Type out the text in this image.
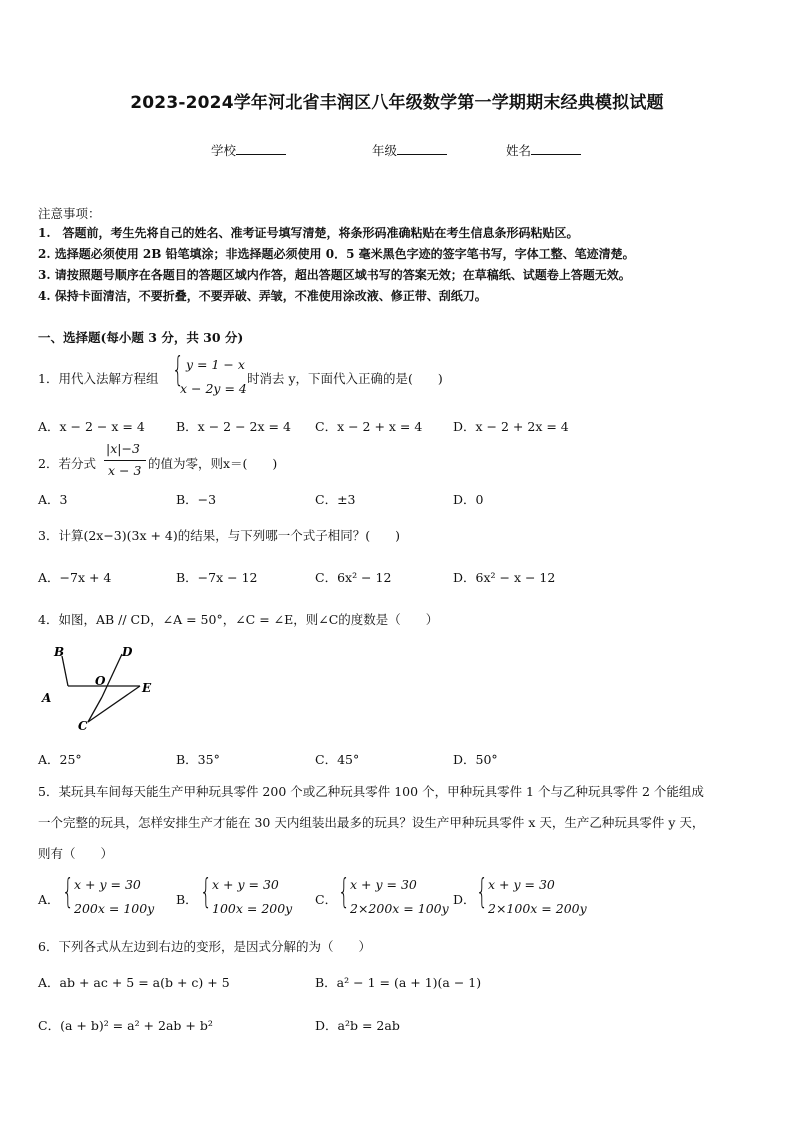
2023-2024学年河北省丰润区八年级数学第一学期期末经典模拟试题
学校	年级	姓名
注意事项：
1.　答题前，考生先将自己的姓名、准考证号填写清楚，将条形码准确粘贴在考生信息条形码粘贴区。
2. 选择题必须使用 2B 铅笔填涂；非选择题必须使用 0．5 毫米黑色字迹的签字笔书写，字体工整、笔迹清楚。
3. 请按照题号顺序在各题目的答题区域内作答，超出答题区域书写的答案无效；在草稿纸、试题卷上答题无效。
4. 保持卡面清洁，不要折叠，不要弄破、弄皱，不准使用涂改液、修正带、刮纸刀。
一、选择题(每小题 3 分，共 30 分)
1．用代入法解方程组 { y = 1 − x
x − 2y = 4
时消去 y，下面代入正确的是(　　)
A．x − 2 − x = 4 B．x − 2 − 2x = 4 C．x − 2 + x = 4 D．x − 2 + 2x = 4
2．若分式
|x|−3
x − 3 的值为零，则x＝(　　)
A．3	B．−3	C．±3	D．0
3．计算(2x−3)(3x + 4)的结果，与下列哪一个式子相同？(　　)
A．−7x + 4	B．−7x − 12	C．6x² − 12	D．6x² − x − 12
4．如图，AB // CD，∠A = 50°，∠C = ∠E，则∠C的度数是（　　）
B	D
O	E
A
C
A．25°	B．35°	C．45°	D．50°
5．某玩具车间每天能生产甲种玩具零件 200 个或乙种玩具零件 100 个，甲种玩具零件 1 个与乙种玩具零件 2 个能组成
一个完整的玩具，怎样安排生产才能在 30 天内组装出最多的玩具？设生产甲种玩具零件 x 天，生产乙种玩具零件 y 天，
则有（　　）
A． { x + y = 30
200x = 100y
B． { x + y = 30
100x = 200y
C． { x + y = 30
2×200x = 100y
D． { x + y = 30
2×100x = 200y
6．下列各式从左边到右边的变形，是因式分解的为（　　）
A．ab + ac + 5 = a(b + c) + 5	B．a² − 1 = (a + 1)(a − 1)
C．(a + b)² = a² + 2ab + b²	D．a²b = 2ab
